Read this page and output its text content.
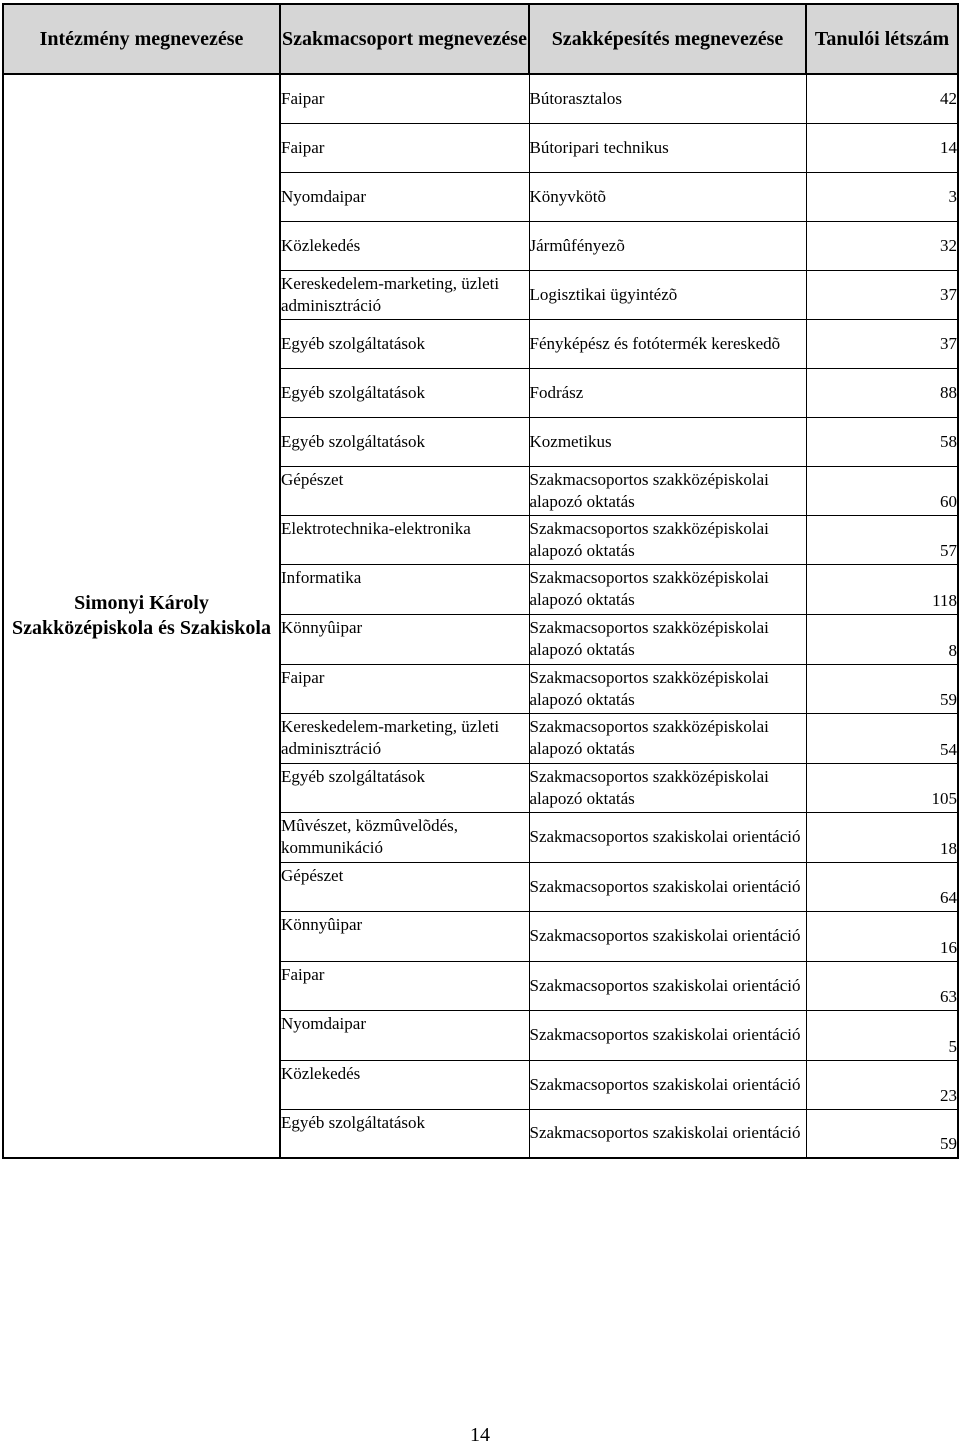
Intézmény megnevezése	Szakmacsoport megnevezése	Szakképesítés megnevezése	Tanulói létszám
Simonyi Károly Szakközépiskola és Szakiskola	Faipar	Bútorasztalos	42
	Faipar	Bútoripari technikus	14
	Nyomdaipar	Könyvkötõ	3
	Közlekedés	Jármûfényezõ	32
	Kereskedelem-marketing, üzleti adminisztráció	Logisztikai ügyintézõ	37
	Egyéb szolgáltatások	Fényképész és fotótermék kereskedõ	37
	Egyéb szolgáltatások	Fodrász	88
	Egyéb szolgáltatások	Kozmetikus	58
	Gépészet	Szakmacsoportos szakközépiskolai alapozó oktatás	60
	Elektrotechnika-elektronika	Szakmacsoportos szakközépiskolai alapozó oktatás	57
	Informatika	Szakmacsoportos szakközépiskolai alapozó oktatás	118
	Könnyûipar	Szakmacsoportos szakközépiskolai alapozó oktatás	8
	Faipar	Szakmacsoportos szakközépiskolai alapozó oktatás	59
	Kereskedelem-marketing, üzleti adminisztráció	Szakmacsoportos szakközépiskolai alapozó oktatás	54
	Egyéb szolgáltatások	Szakmacsoportos szakközépiskolai alapozó oktatás	105
	Mûvészet, közmûvelõdés, kommunikáció	Szakmacsoportos szakiskolai orientáció	18
	Gépészet	Szakmacsoportos szakiskolai orientáció	64
	Könnyûipar	Szakmacsoportos szakiskolai orientáció	16
	Faipar	Szakmacsoportos szakiskolai orientáció	63
	Nyomdaipar	Szakmacsoportos szakiskolai orientáció	5
	Közlekedés	Szakmacsoportos szakiskolai orientáció	23
	Egyéb szolgáltatások	Szakmacsoportos szakiskolai orientáció	59
14
